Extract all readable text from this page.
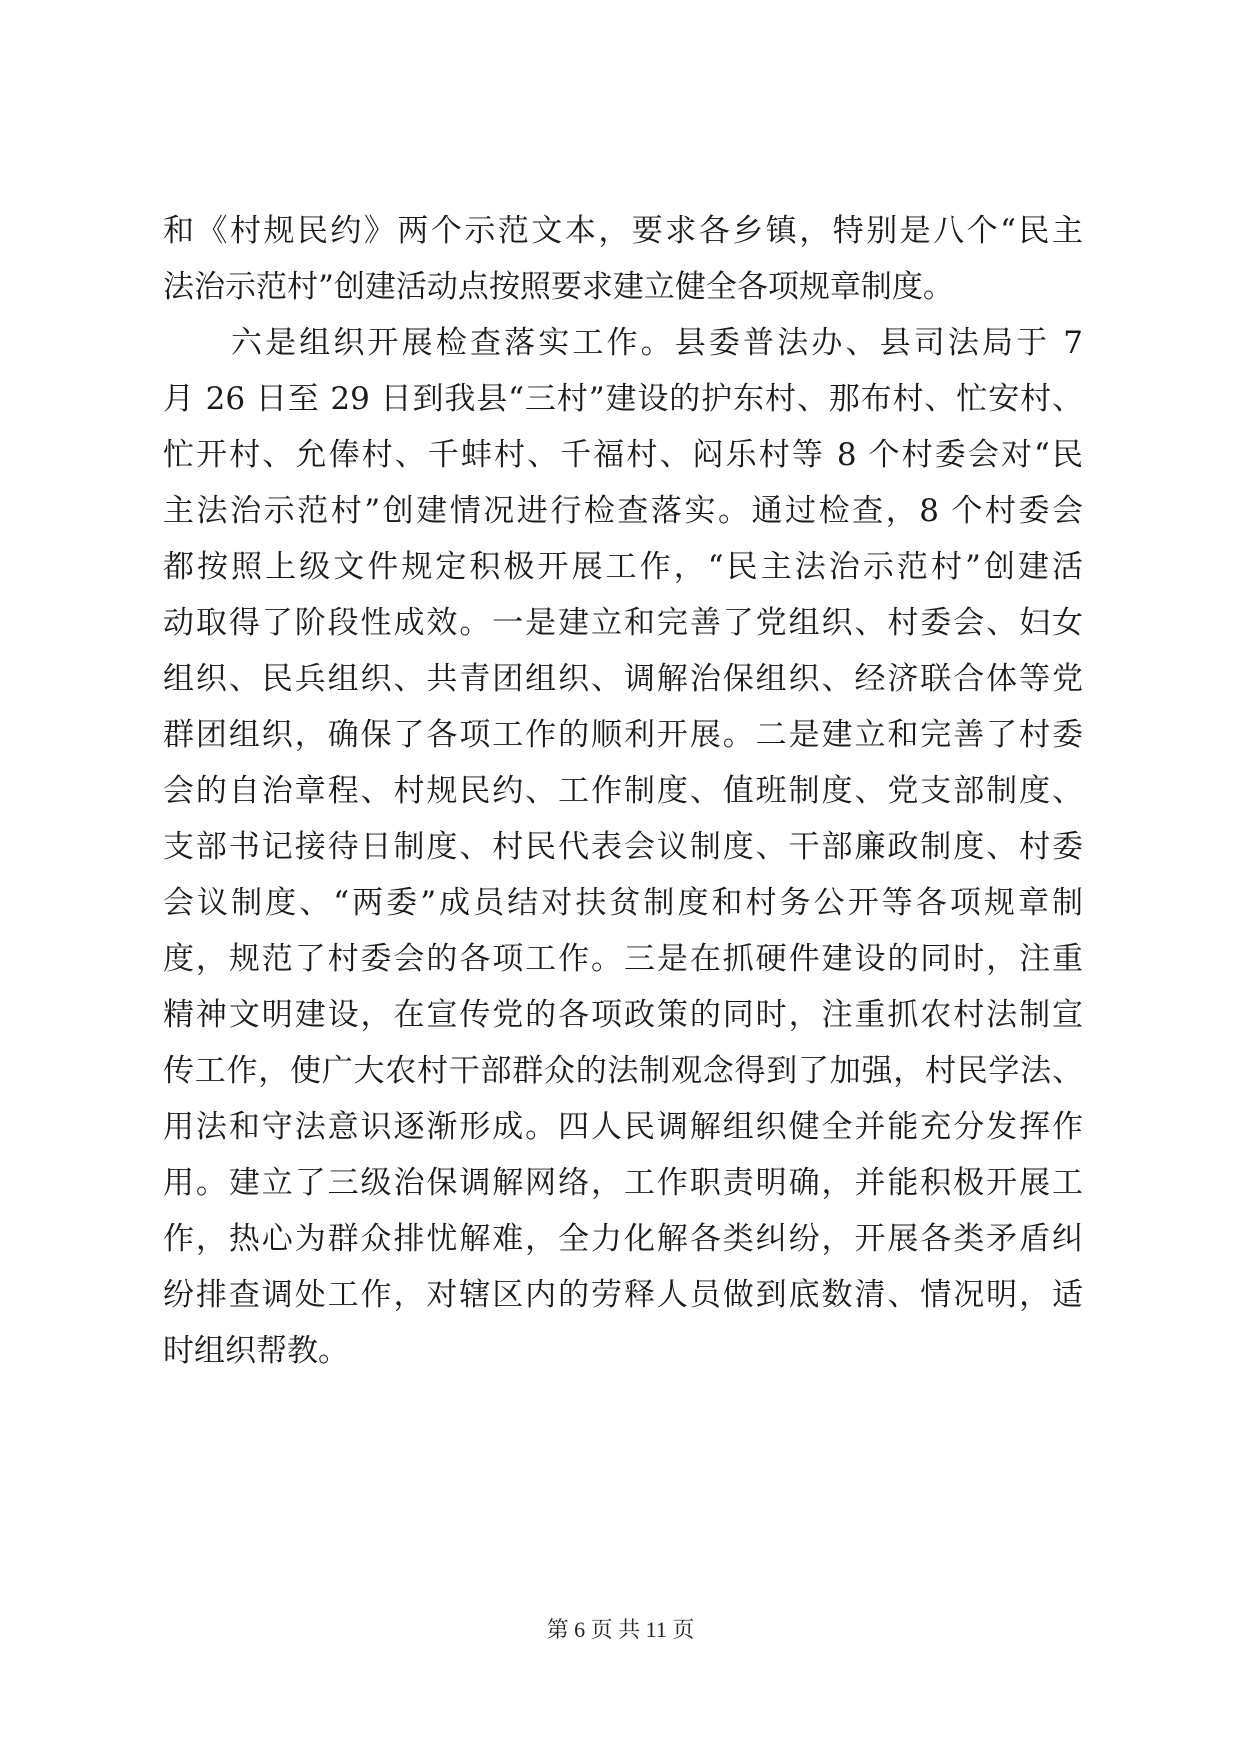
和《村规民约》两个示范文本，要求各乡镇，特别是八个“民主
法治示范村”创建活动点按照要求建立健全各项规章制度。
六是组织开展检查落实工作。县委普法办、县司法局于 7
月 26 日至 29 日到我县“三村”建设的护东村、那布村、忙安村、
忙开村、允俸村、千蚌村、千福村、闷乐村等 8 个村委会对“民
主法治示范村”创建情况进行检查落实。通过检查，8 个村委会
都按照上级文件规定积极开展工作，“民主法治示范村”创建活
动取得了阶段性成效。一是建立和完善了党组织、村委会、妇女
组织、民兵组织、共青团组织、调解治保组织、经济联合体等党
群团组织，确保了各项工作的顺利开展。二是建立和完善了村委
会的自治章程、村规民约、工作制度、值班制度、党支部制度、
支部书记接待日制度、村民代表会议制度、干部廉政制度、村委
会议制度、“两委”成员结对扶贫制度和村务公开等各项规章制
度，规范了村委会的各项工作。三是在抓硬件建设的同时，注重
精神文明建设，在宣传党的各项政策的同时，注重抓农村法制宣
传工作，使广大农村干部群众的法制观念得到了加强，村民学法、
用法和守法意识逐渐形成。四人民调解组织健全并能充分发挥作
用。建立了三级治保调解网络，工作职责明确，并能积极开展工
作，热心为群众排忧解难，全力化解各类纠纷，开展各类矛盾纠
纷排查调处工作，对辖区内的劳释人员做到底数清、情况明，适
时组织帮教。
第 6 页 共 11 页
